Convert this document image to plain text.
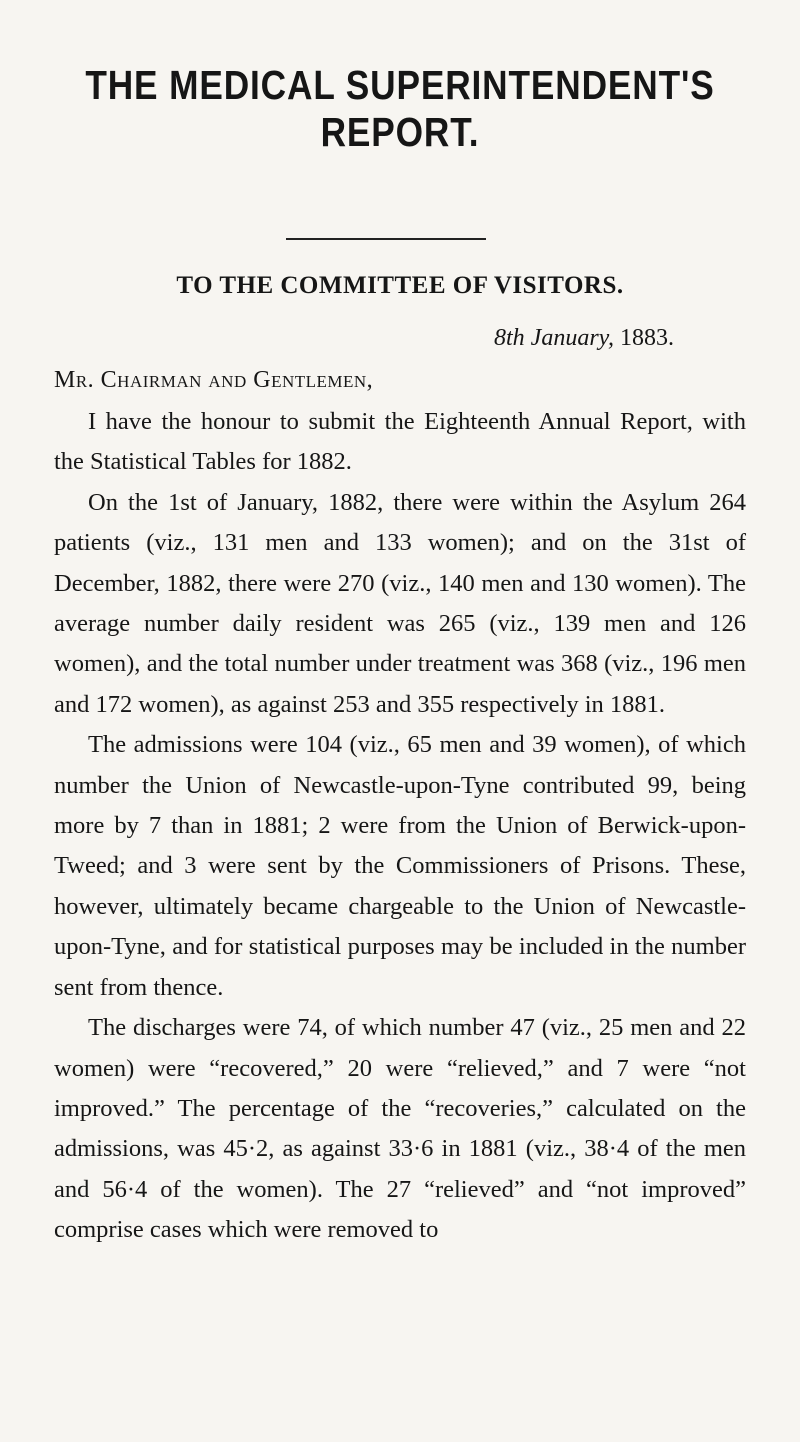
THE MEDICAL SUPERINTENDENT'S REPORT.
TO THE COMMITTEE OF VISITORS.

8th January, 1883.

Mr. Chairman and Gentlemen,

I have the honour to submit the Eighteenth Annual Report, with the Statistical Tables for 1882.

On the 1st of January, 1882, there were within the Asylum 264 patients (viz., 131 men and 133 women); and on the 31st of December, 1882, there were 270 (viz., 140 men and 130 women). The average number daily resident was 265 (viz., 139 men and 126 women), and the total number under treatment was 368 (viz., 196 men and 172 women), as against 253 and 355 respectively in 1881.

The admissions were 104 (viz., 65 men and 39 women), of which number the Union of Newcastle-upon-Tyne contributed 99, being more by 7 than in 1881; 2 were from the Union of Berwick-upon-Tweed; and 3 were sent by the Commissioners of Prisons. These, however, ultimately became chargeable to the Union of Newcastle-upon-Tyne, and for statistical purposes may be included in the number sent from thence.

The discharges were 74, of which number 47 (viz., 25 men and 22 women) were “recovered,” 20 were “relieved,” and 7 were “not improved.” The percentage of the “recoveries,” calculated on the admissions, was 45·2, as against 33·6 in 1881 (viz., 38·4 of the men and 56·4 of the women). The 27 “relieved” and “not improved” comprise cases which were removed to
